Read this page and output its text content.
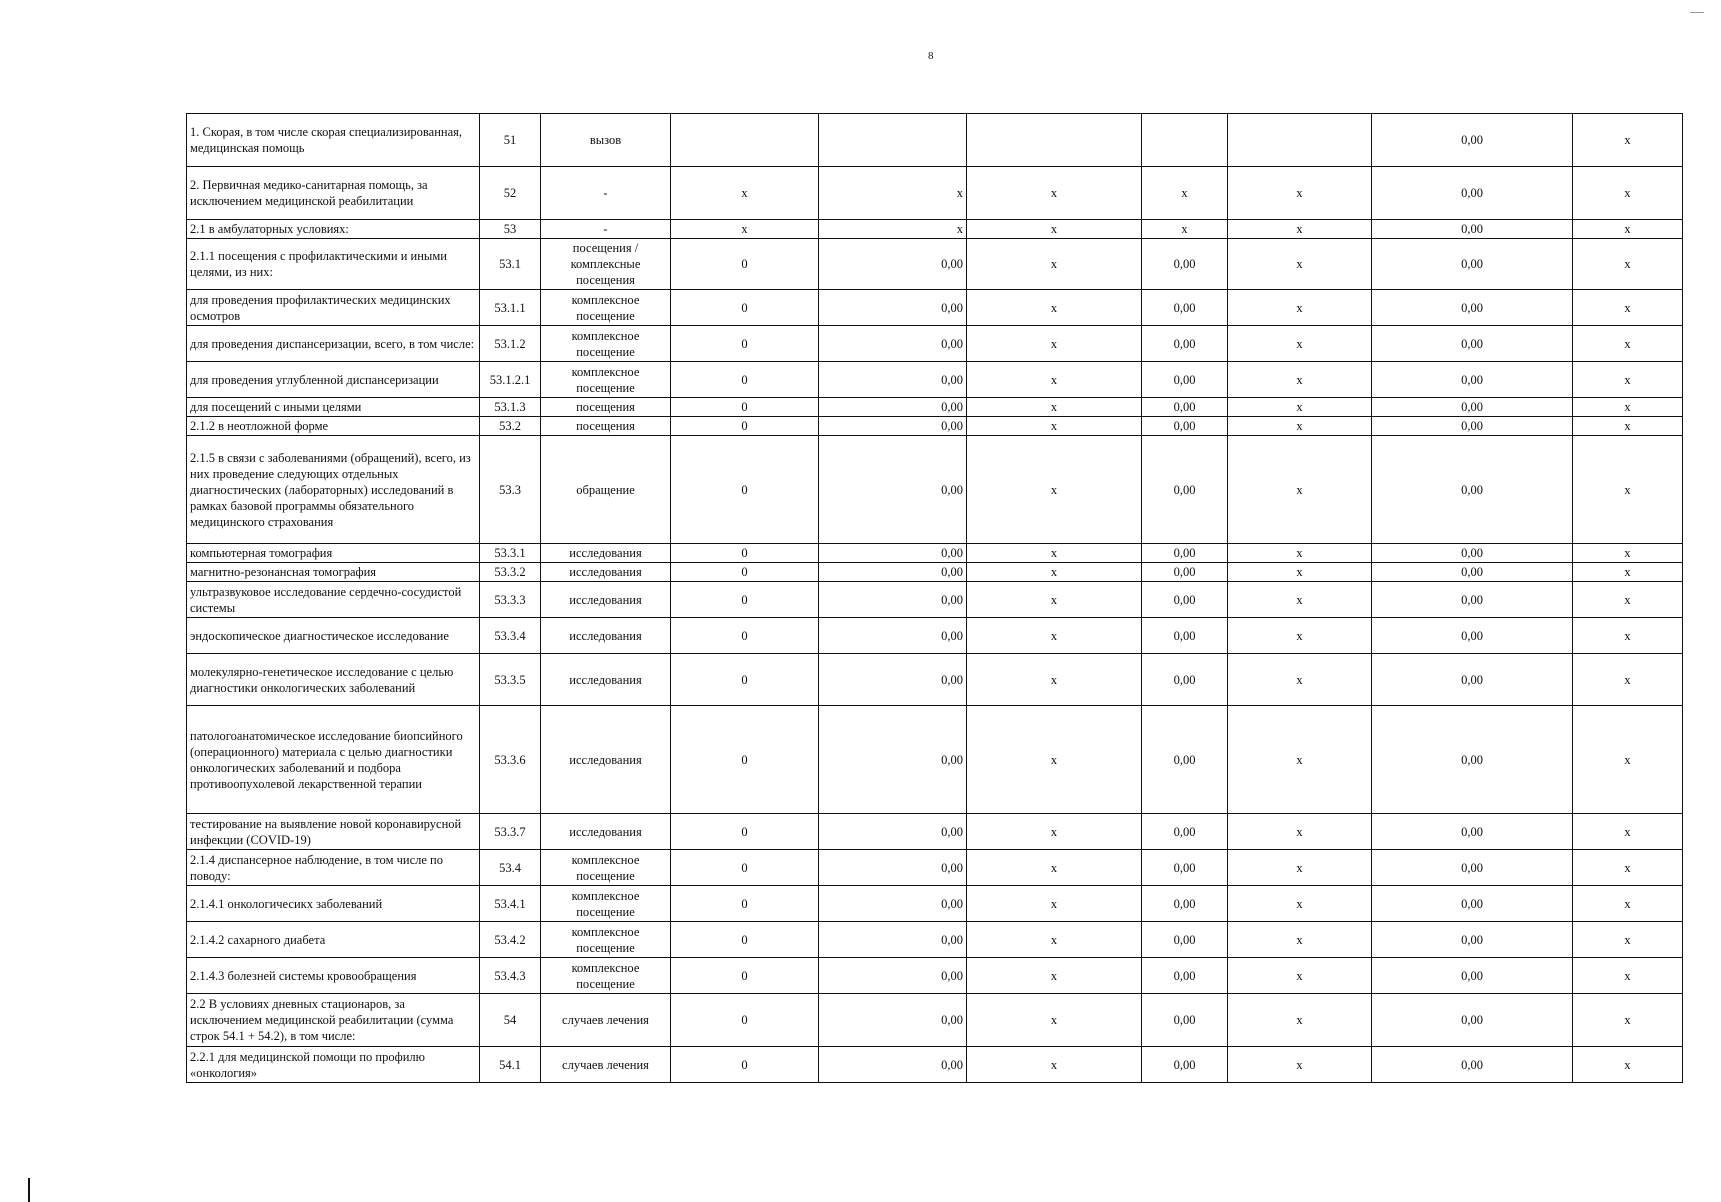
8
1. Скорая, в том числе скорая специализированная, медицинская помощь	51	вызов						0,00	x
2. Первичная медико-санитарная помощь, за исключением медицинской реабилитации	52	-	x	x	x	x	x	0,00	x
2.1 в амбулаторных условиях:	53	-	x	x	x	x	x	0,00	x
2.1.1 посещения с профилактическими и иными целями, из них:	53.1	посещения / комплексные посещения	0	0,00	x	0,00	x	0,00	x
для проведения профилактических медицинских осмотров	53.1.1	комплексное посещение	0	0,00	x	0,00	x	0,00	x
для проведения диспансеризации, всего, в том числе:	53.1.2	комплексное посещение	0	0,00	x	0,00	x	0,00	x
для проведения углубленной диспансеризации	53.1.2.1	комплексное посещение	0	0,00	x	0,00	x	0,00	x
для посещений с иными целями	53.1.3	посещения	0	0,00	x	0,00	x	0,00	x
2.1.2 в неотложной форме	53.2	посещения	0	0,00	x	0,00	x	0,00	x
2.1.5 в связи с заболеваниями (обращений), всего, из них проведение следующих отдельных диагностических (лабораторных) исследований в рамках базовой программы обязательного медицинского страхования	53.3	обращение	0	0,00	x	0,00	x	0,00	x
компьютерная томография	53.3.1	исследования	0	0,00	x	0,00	x	0,00	x
магнитно-резонансная томография	53.3.2	исследования	0	0,00	x	0,00	x	0,00	x
ультразвуковое исследование сердечно-сосудистой системы	53.3.3	исследования	0	0,00	x	0,00	x	0,00	x
эндоскопическое диагностическое исследование	53.3.4	исследования	0	0,00	x	0,00	x	0,00	x
молекулярно-генетическое исследование с целью диагностики онкологических заболеваний	53.3.5	исследования	0	0,00	x	0,00	x	0,00	x
патологоанатомическое исследование биопсийного (операционного) материала с целью диагностики онкологических заболеваний и подбора противоопухолевой лекарственной терапии	53.3.6	исследования	0	0,00	x	0,00	x	0,00	x
тестирование на выявление новой коронавирусной инфекции (COVID-19)	53.3.7	исследования	0	0,00	x	0,00	x	0,00	x
2.1.4 диспансерное наблюдение, в том числе по поводу:	53.4	комплексное посещение	0	0,00	x	0,00	x	0,00	x
2.1.4.1 онкологичесикх заболеваний	53.4.1	комплексное посещение	0	0,00	x	0,00	x	0,00	x
2.1.4.2 сахарного диабета	53.4.2	комплексное посещение	0	0,00	x	0,00	x	0,00	x
2.1.4.3 болезней системы кровообращения	53.4.3	комплексное посещение	0	0,00	x	0,00	x	0,00	x
2.2 В условиях дневных стационаров, за исключением медицинской реабилитации (сумма строк 54.1 + 54.2), в том числе:	54	случаев лечения	0	0,00	x	0,00	x	0,00	x
2.2.1 для медицинской помощи по профилю «онкология»	54.1	случаев лечения	0	0,00	x	0,00	x	0,00	x
